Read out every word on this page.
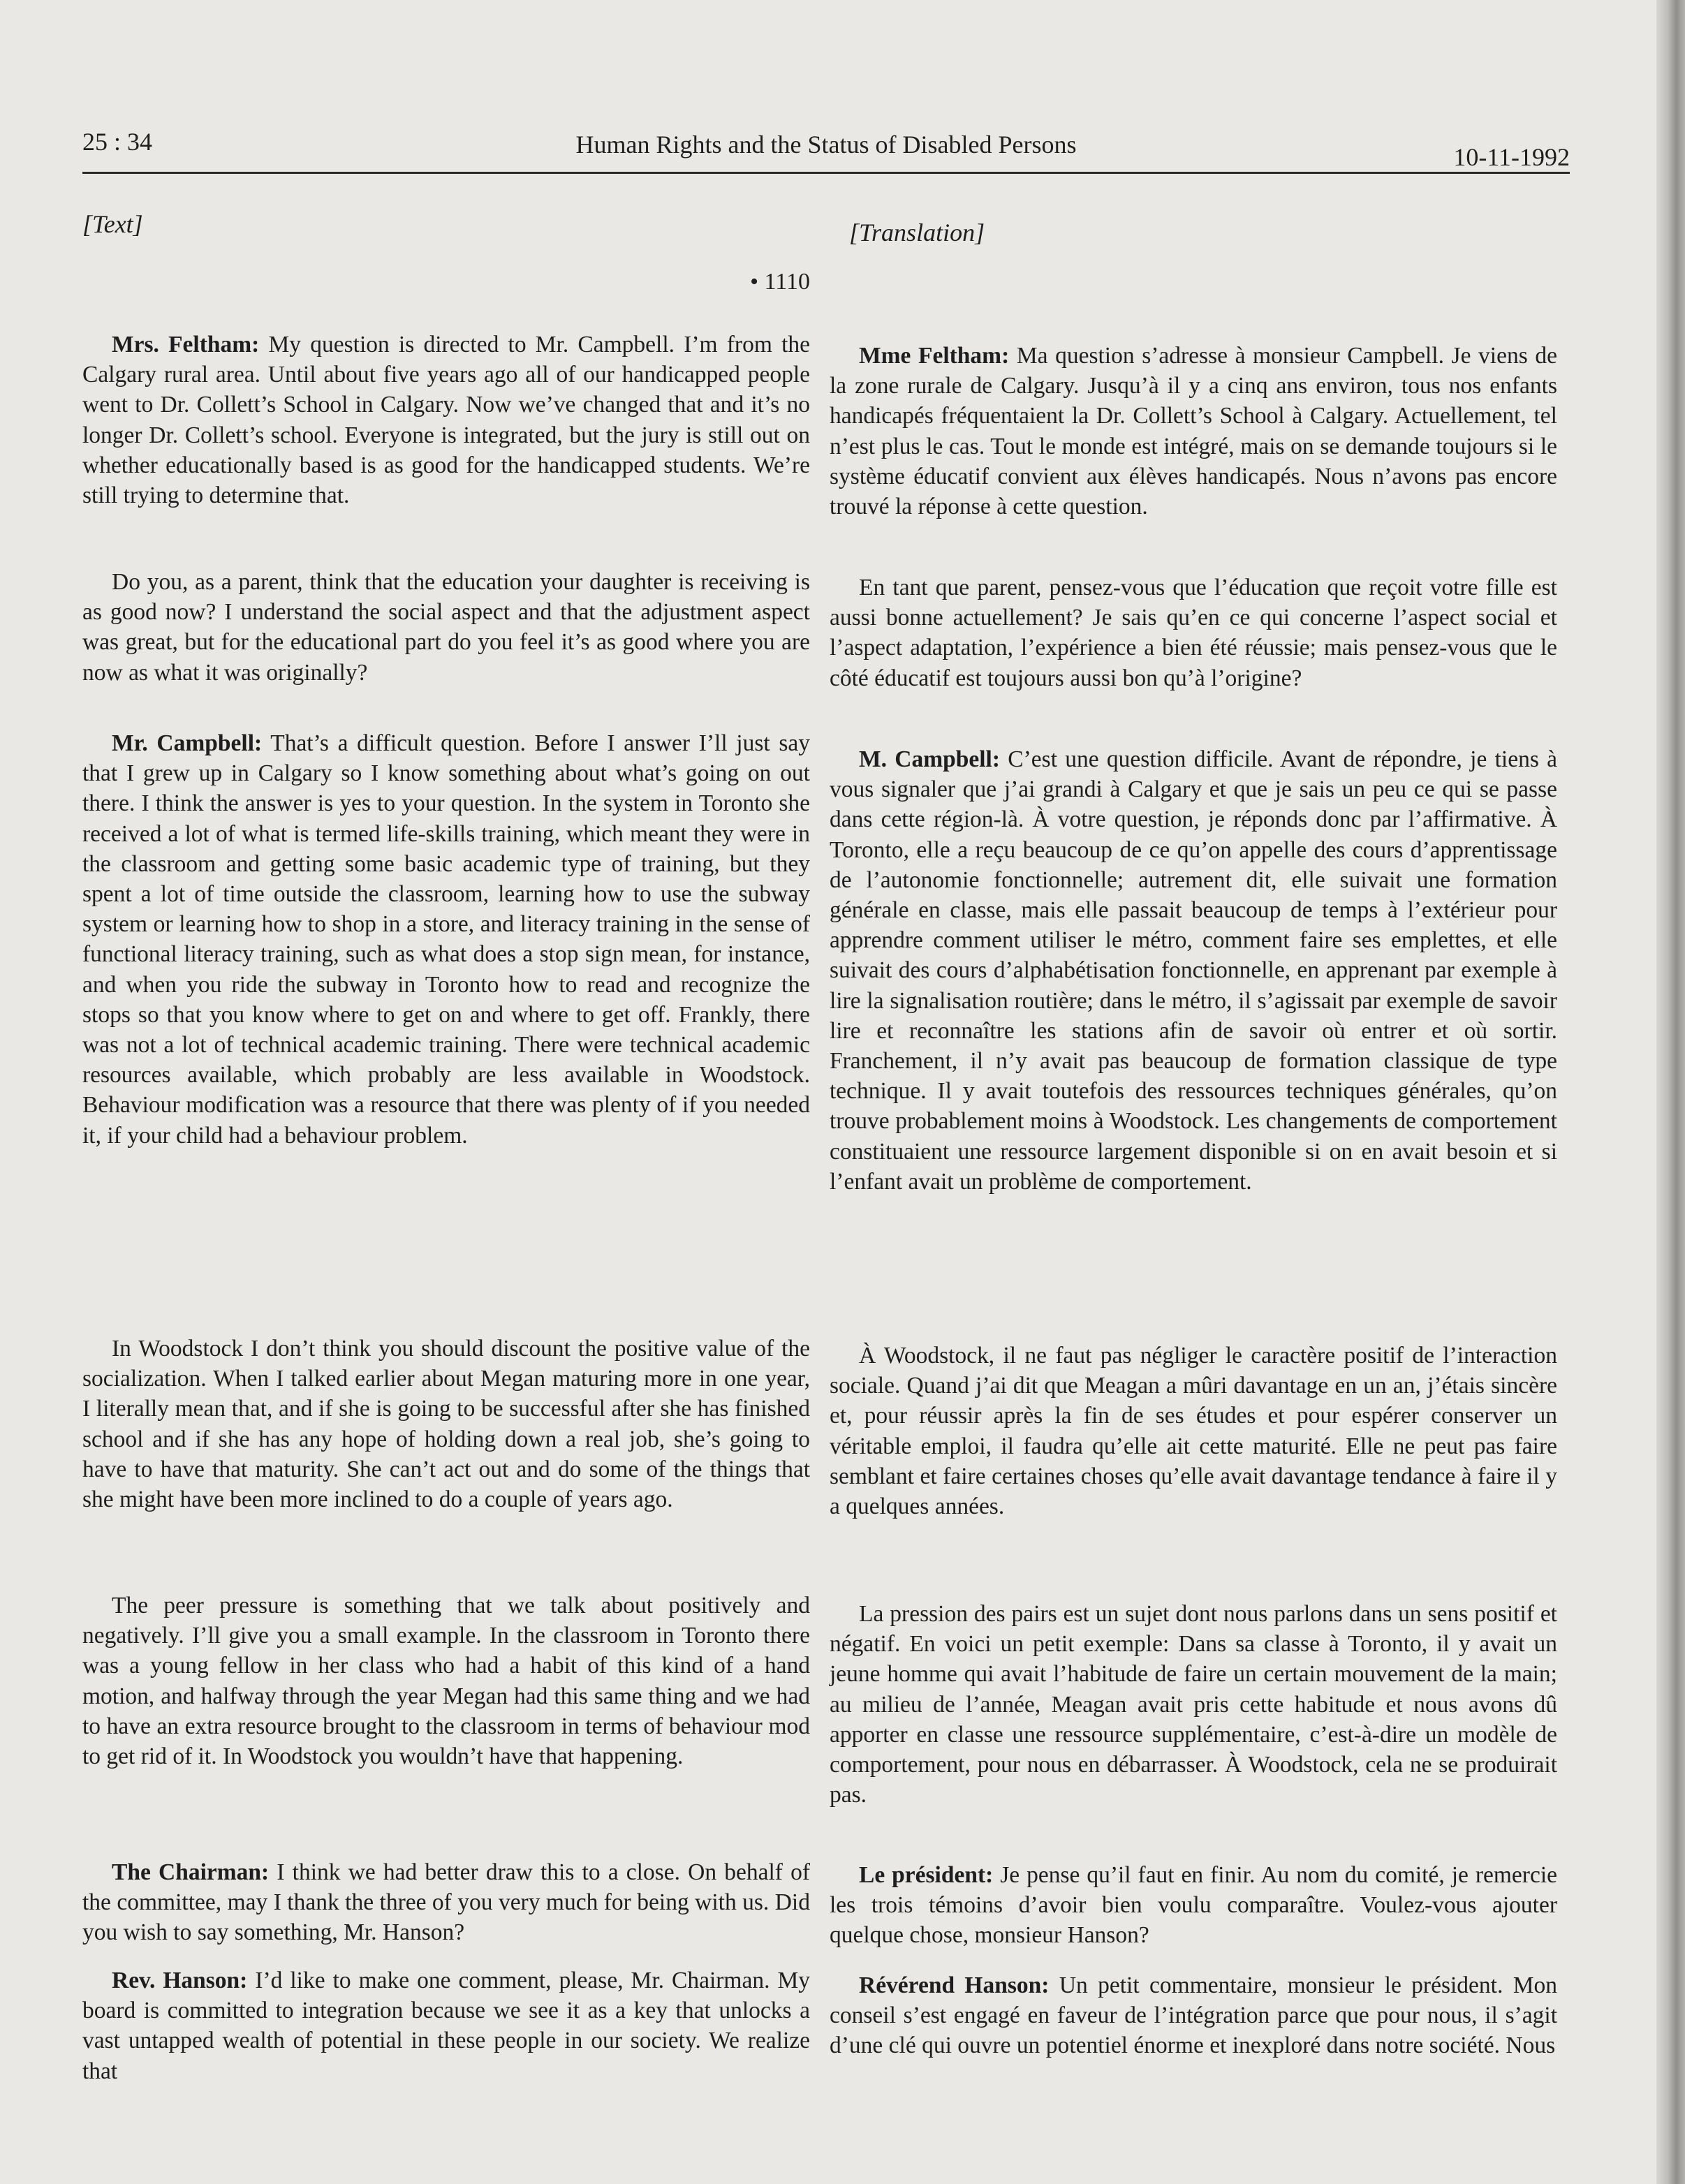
25 : 34	Human Rights and the Status of Disabled Persons	10-11-1992
[Text]
• 1110

Mrs. Feltham: My question is directed to Mr. Campbell. I’m from the Calgary rural area. Until about five years ago all of our handicapped people went to Dr. Collett’s School in Calgary. Now we’ve changed that and it’s no longer Dr. Collett’s school. Everyone is integrated, but the jury is still out on whether educationally based is as good for the handicapped students. We’re still trying to determine that.

Do you, as a parent, think that the education your daughter is receiving is as good now? I understand the social aspect and that the adjustment aspect was great, but for the educational part do you feel it’s as good where you are now as what it was originally?

Mr. Campbell: That’s a difficult question. Before I answer I’ll just say that I grew up in Calgary so I know something about what’s going on out there. I think the answer is yes to your question. In the system in Toronto she received a lot of what is termed life-skills training, which meant they were in the classroom and getting some basic academic type of training, but they spent a lot of time outside the classroom, learning how to use the subway system or learning how to shop in a store, and literacy training in the sense of functional literacy training, such as what does a stop sign mean, for instance, and when you ride the subway in Toronto how to read and recognize the stops so that you know where to get on and where to get off. Frankly, there was not a lot of technical academic training. There were technical academic resources available, which probably are less available in Woodstock. Behaviour modification was a resource that there was plenty of if you needed it, if your child had a behaviour problem.

In Woodstock I don’t think you should discount the positive value of the socialization. When I talked earlier about Megan maturing more in one year, I literally mean that, and if she is going to be successful after she has finished school and if she has any hope of holding down a real job, she’s going to have to have that maturity. She can’t act out and do some of the things that she might have been more inclined to do a couple of years ago.

The peer pressure is something that we talk about positively and negatively. I’ll give you a small example. In the classroom in Toronto there was a young fellow in her class who had a habit of this kind of a hand motion, and halfway through the year Megan had this same thing and we had to have an extra resource brought to the classroom in terms of behaviour mod to get rid of it. In Woodstock you wouldn’t have that happening.

The Chairman: I think we had better draw this to a close. On behalf of the committee, may I thank the three of you very much for being with us. Did you wish to say something, Mr. Hanson?

Rev. Hanson: I’d like to make one comment, please, Mr. Chairman. My board is committed to integration because we see it as a key that unlocks a vast untapped wealth of potential in these people in our society. We realize that

[Translation]

Mme Feltham: Ma question s’adresse à monsieur Campbell. Je viens de la zone rurale de Calgary. Jusqu’à il y a cinq ans environ, tous nos enfants handicapés fréquentaient la Dr. Collett’s School à Calgary. Actuellement, tel n’est plus le cas. Tout le monde est intégré, mais on se demande toujours si le système éducatif convient aux élèves handicapés. Nous n’avons pas encore trouvé la réponse à cette question.

En tant que parent, pensez-vous que l’éducation que reçoit votre fille est aussi bonne actuellement? Je sais qu’en ce qui concerne l’aspect social et l’aspect adaptation, l’expérience a bien été réussie; mais pensez-vous que le côté éducatif est toujours aussi bon qu’à l’origine?

M. Campbell: C’est une question difficile. Avant de répondre, je tiens à vous signaler que j’ai grandi à Calgary et que je sais un peu ce qui se passe dans cette région-là. À votre question, je réponds donc par l’affirmative. À Toronto, elle a reçu beaucoup de ce qu’on appelle des cours d’apprentissage de l’autonomie fonctionnelle; autrement dit, elle suivait une formation générale en classe, mais elle passait beaucoup de temps à l’extérieur pour apprendre comment utiliser le métro, comment faire ses emplettes, et elle suivait des cours d’alphabétisation fonctionnelle, en apprenant par exemple à lire la signalisation routière; dans le métro, il s’agissait par exemple de savoir lire et reconnaître les stations afin de savoir où entrer et où sortir. Franchement, il n’y avait pas beaucoup de formation classique de type technique. Il y avait toutefois des ressources techniques générales, qu’on trouve probablement moins à Woodstock. Les changements de comportement constituaient une ressource largement disponible si on en avait besoin et si l’enfant avait un problème de comportement.

À Woodstock, il ne faut pas négliger le caractère positif de l’interaction sociale. Quand j’ai dit que Meagan a mûri davantage en un an, j’étais sincère et, pour réussir après la fin de ses études et pour espérer conserver un véritable emploi, il faudra qu’elle ait cette maturité. Elle ne peut pas faire semblant et faire certaines choses qu’elle avait davantage tendance à faire il y a quelques années.

La pression des pairs est un sujet dont nous parlons dans un sens positif et négatif. En voici un petit exemple: Dans sa classe à Toronto, il y avait un jeune homme qui avait l’habitude de faire un certain mouvement de la main; au milieu de l’année, Meagan avait pris cette habitude et nous avons dû apporter en classe une ressource supplémentaire, c’est-à-dire un modèle de comportement, pour nous en débarrasser. À Woodstock, cela ne se produirait pas.

Le président: Je pense qu’il faut en finir. Au nom du comité, je remercie les trois témoins d’avoir bien voulu comparaître. Voulez-vous ajouter quelque chose, monsieur Hanson?

Révérend Hanson: Un petit commentaire, monsieur le président. Mon conseil s’est engagé en faveur de l’intégration parce que pour nous, il s’agit d’une clé qui ouvre un potentiel énorme et inexploré dans notre société. Nous
